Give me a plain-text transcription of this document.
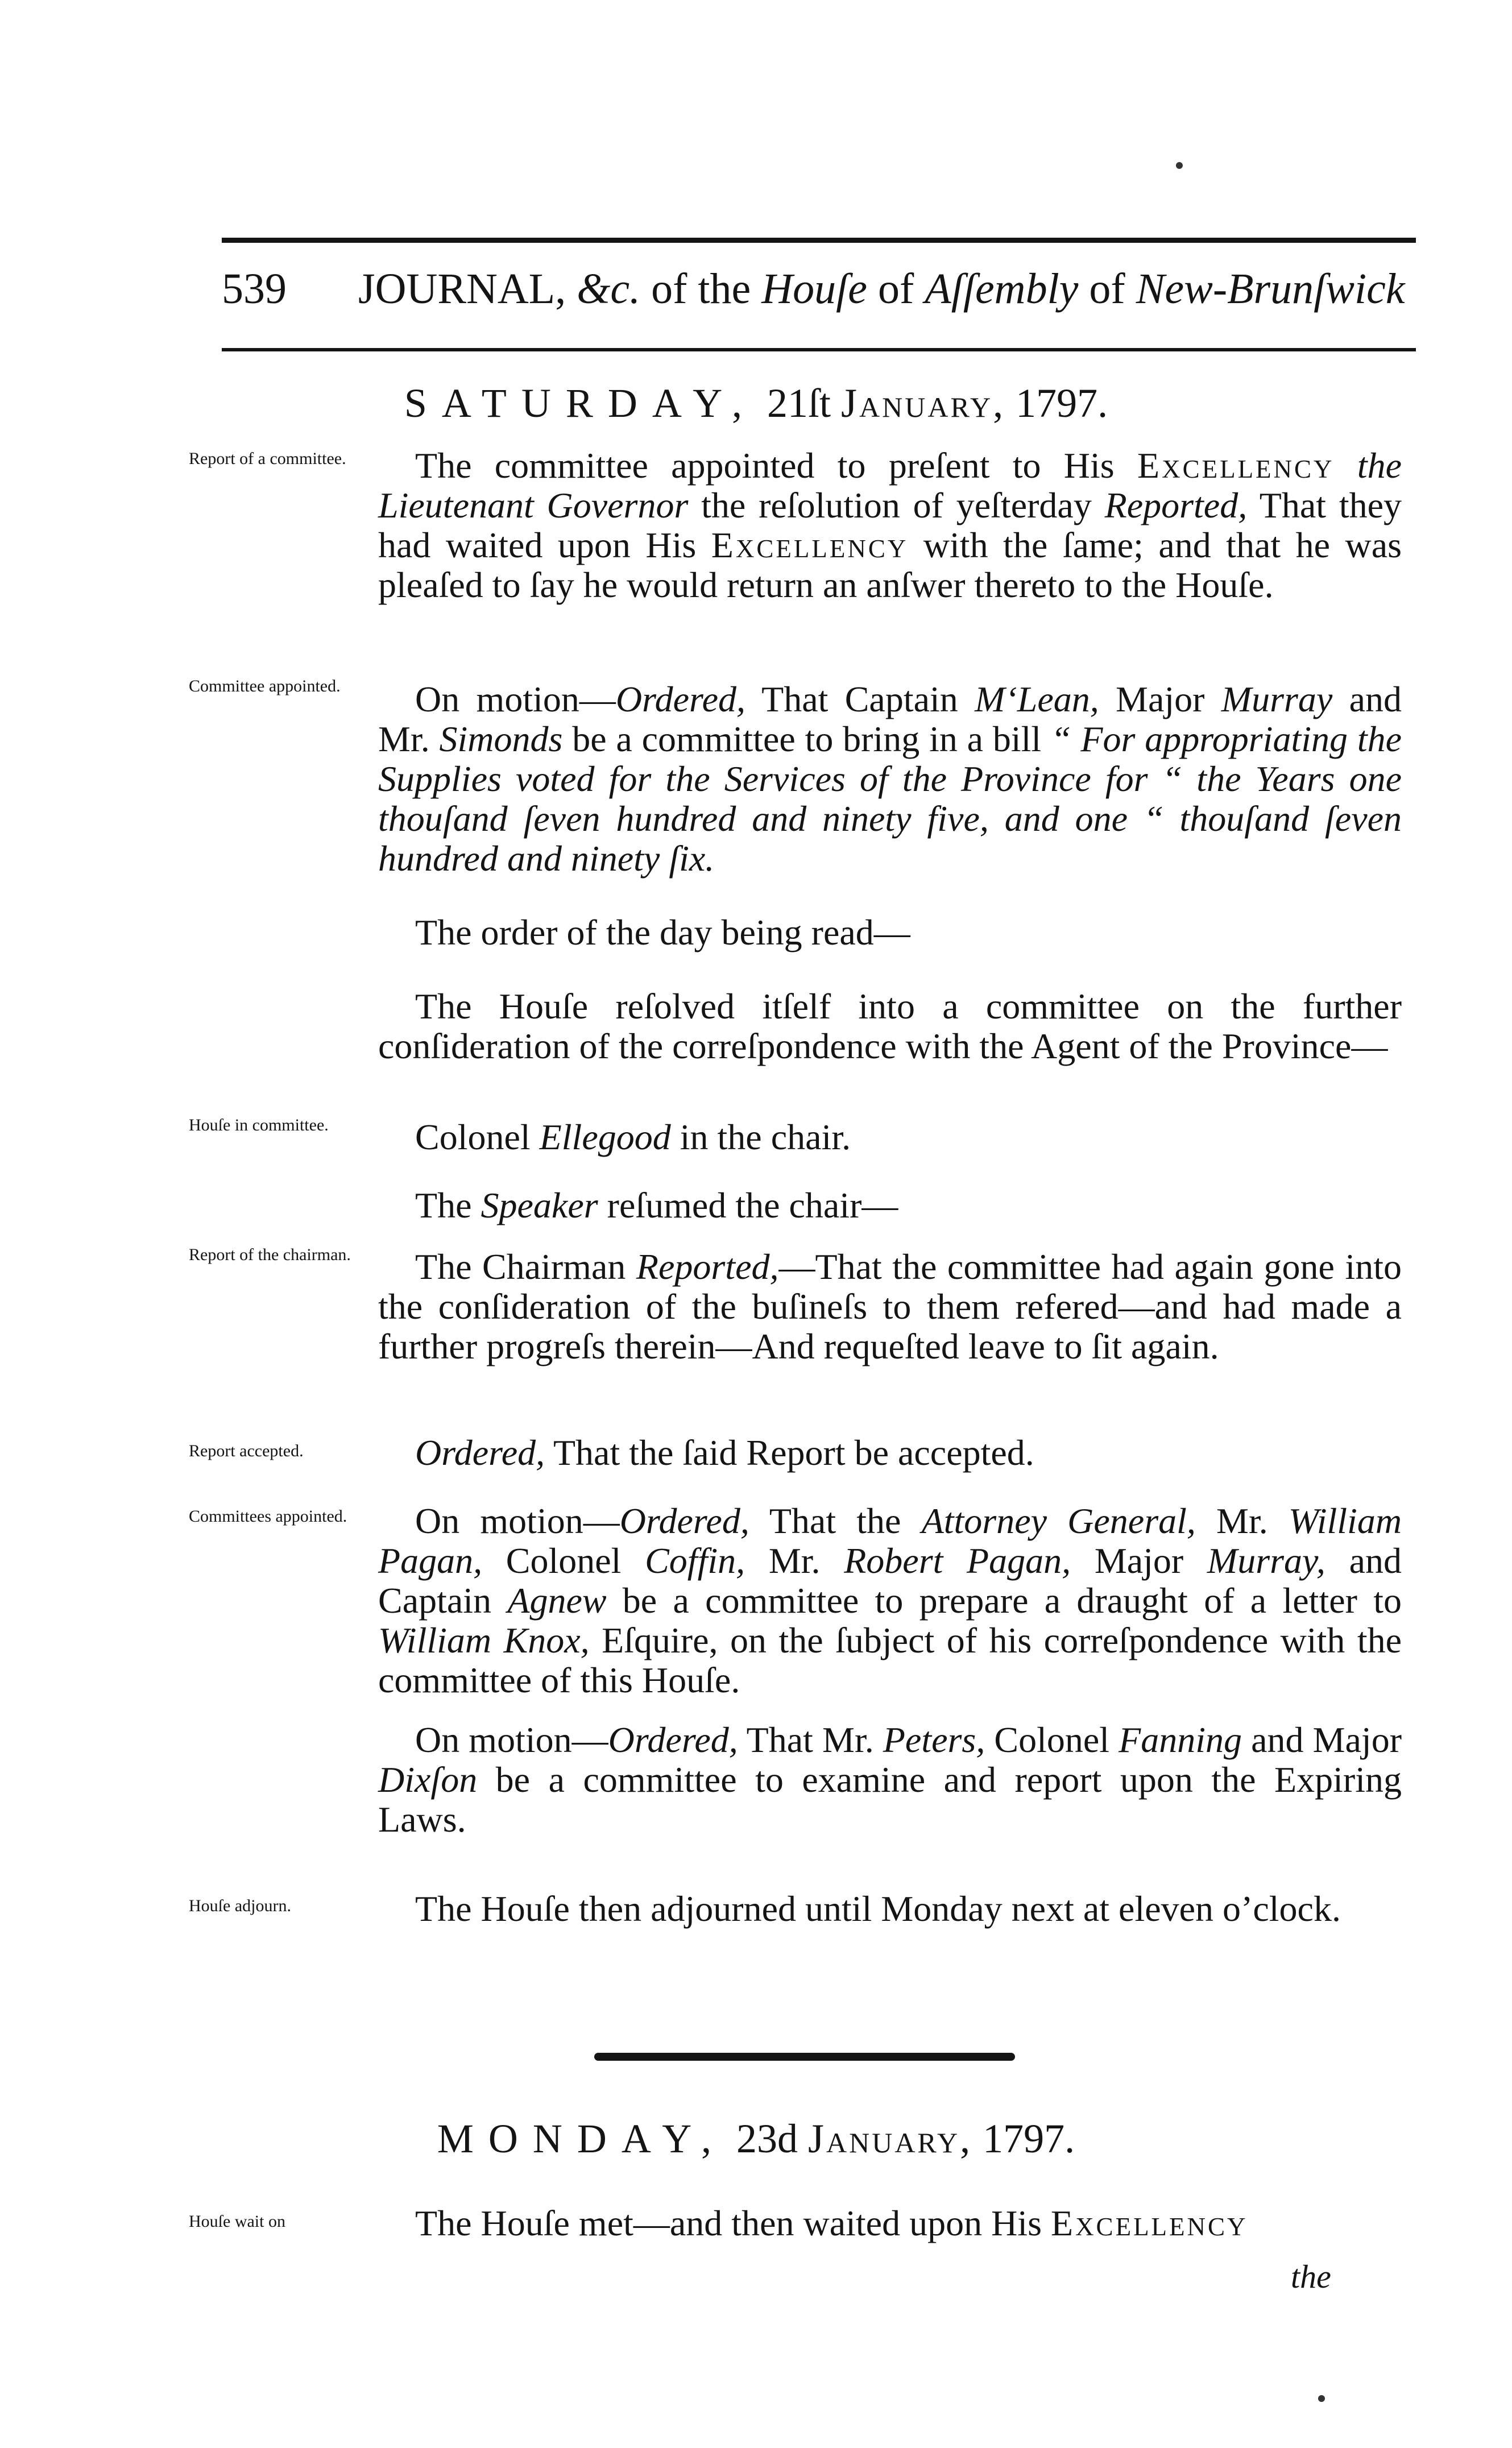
539 JOURNAL, &c. of the Houſe of Aſſembly of New-Brunſwick
SATURDAY, 21ſt January, 1797.
Report of a committee.	The committee appointed to preſent to His Excellency the Lieutenant Governor the reſolution of yeſterday Reported, That they had waited upon His Excellency with the ſame; and that he was pleaſed to ſay he would return an anſwer thereto to the Houſe.
Committee appointed.	On motion—Ordered, That Captain M‘Lean, Major Murray and Mr. Simonds be a committee to bring in a bill “ For appropriating the Supplies voted for the Services of the Province for “ the Years one thouſand ſeven hundred and ninety five, and one “ thouſand ſeven hundred and ninety ſix.
The order of the day being read—
The Houſe reſolved itſelf into a committee on the further conſideration of the correſpondence with the Agent of the Province—
Houſe in committee.	Colonel Ellegood in the chair.
The Speaker reſumed the chair—
Report of the chairman.	The Chairman Reported,—That the committee had again gone into the conſideration of the buſineſs to them refered—and had made a further progreſs therein—And requeſted leave to ſit again.
Report accepted.	Ordered, That the ſaid Report be accepted.
Committees appointed.	On motion—Ordered, That the Attorney General, Mr. William Pagan, Colonel Coffin, Mr. Robert Pagan, Major Murray, and Captain Agnew be a committee to prepare a draught of a letter to William Knox, Eſquire, on the ſubject of his correſpondence with the committee of this Houſe.
On motion—Ordered, That Mr. Peters, Colonel Fanning and Major Dixſon be a committee to examine and report upon the Expiring Laws.
Houſe adjourn.	The Houſe then adjourned until Monday next at eleven o’clock.
MONDAY, 23d January, 1797.
Houſe wait on	The Houſe met—and then waited upon His Excellency
the
